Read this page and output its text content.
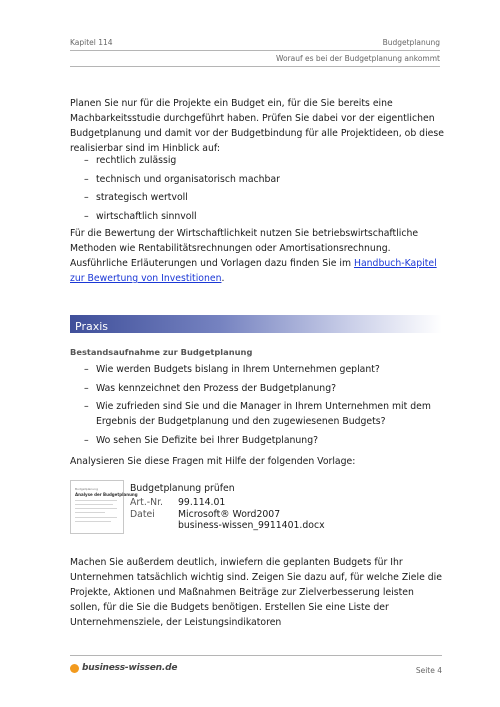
Kapitel 114	Budgetplanung
Worauf es bei der Budgetplanung ankommt

Planen Sie nur für die Projekte ein Budget ein, für die Sie bereits eine Machbarkeitsstudie durchgeführt haben. Prüfen Sie dabei vor der eigentlichen Budgetplanung und damit vor der Budgetbindung für alle Projektideen, ob diese realisierbar sind im Hinblick auf:

– rechtlich zulässig
– technisch und organisatorisch machbar
– strategisch wertvoll
– wirtschaftlich sinnvoll

Für die Bewertung der Wirtschaftlichkeit nutzen Sie betriebswirtschaftliche Methoden wie Rentabilitätsrechnungen oder Amortisationsrechnung. Ausführliche Erläuterungen und Vorlagen dazu finden Sie im Handbuch-Kapitel zur Bewertung von Investitionen.

Praxis
Bestandsaufnahme zur Budgetplanung
– Wie werden Budgets bislang in Ihrem Unternehmen geplant?
– Was kennzeichnet den Prozess der Budgetplanung?
– Wie zufrieden sind Sie und die Manager in Ihrem Unternehmen mit dem Ergebnis der Budgetplanung und den zugewiesenen Budgets?
– Wo sehen Sie Defizite bei Ihrer Budgetplanung?

Analysieren Sie diese Fragen mit Hilfe der folgenden Vorlage:

Budgetplanung
Analyse der Budgetplanung
Budgetplanung prüfen
Art.-Nr. 99.114.01
Datei Microsoft® Word2007
business-wissen_9911401.docx

Machen Sie außerdem deutlich, inwiefern die geplanten Budgets für Ihr Unternehmen tatsächlich wichtig sind. Zeigen Sie dazu auf, für welche Ziele die Projekte, Aktionen und Maßnahmen Beiträge zur Zielverbesserung leisten sollen, für die Sie die Budgets benötigen. Erstellen Sie eine Liste der Unternehmensziele, der Leistungsindikatoren

business-wissen.de	Seite 4
